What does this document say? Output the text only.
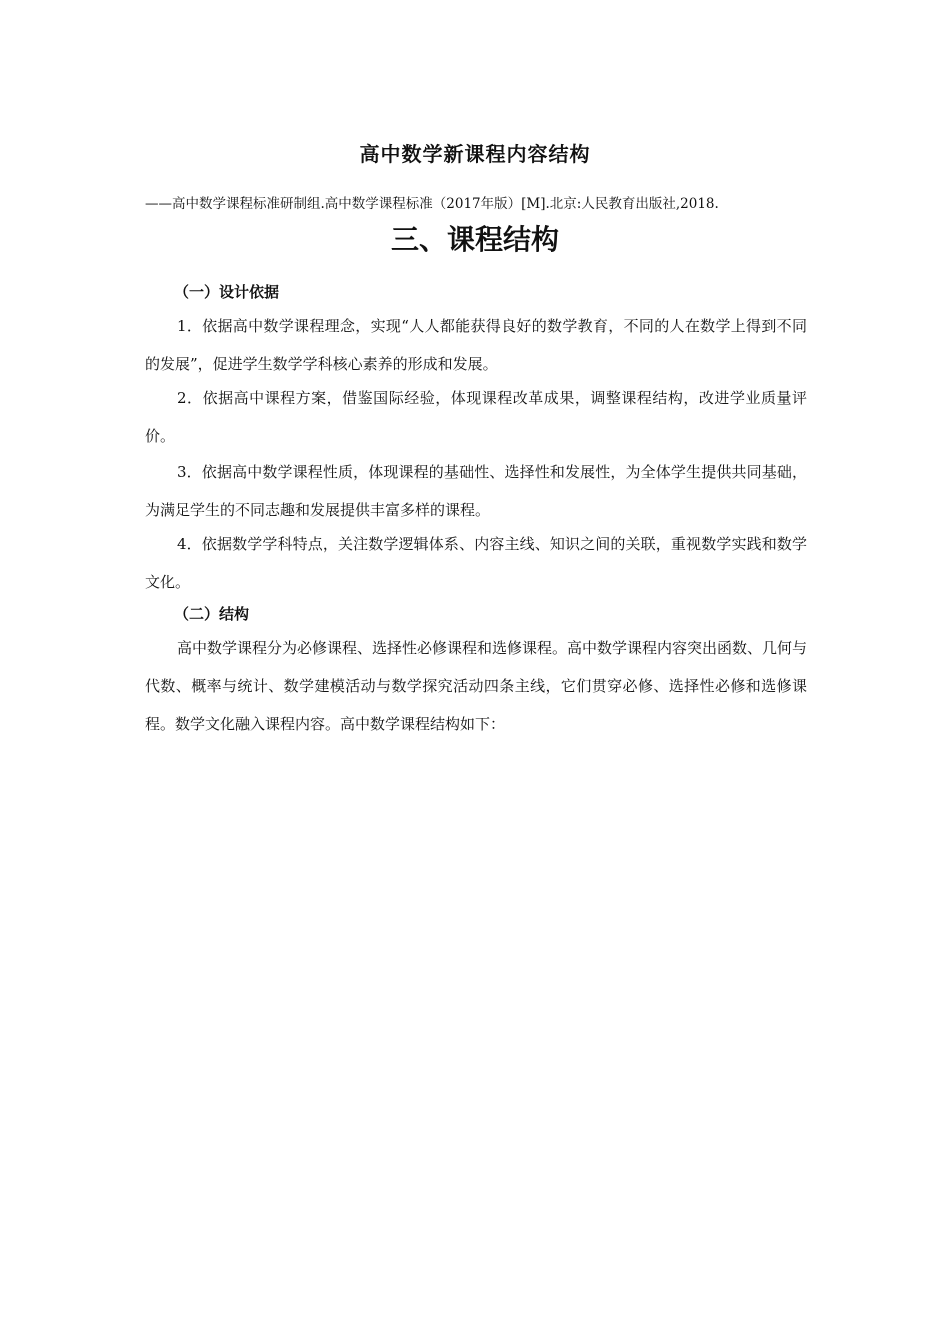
高中数学新课程内容结构

——高中数学课程标准研制组.高中数学课程标准（2017年版）[M].北京:人民教育出版社,2018.

三、课程结构

（一）设计依据

1．依据高中数学课程理念，实现“人人都能获得良好的数学教育，不同的人在数学上得到不同的发展”，促进学生数学学科核心素养的形成和发展。

2．依据高中课程方案，借鉴国际经验，体现课程改革成果，调整课程结构，改进学业质量评价。

3．依据高中数学课程性质，体现课程的基础性、选择性和发展性，为全体学生提供共同基础，为满足学生的不同志趣和发展提供丰富多样的课程。

4．依据数学学科特点，关注数学逻辑体系、内容主线、知识之间的关联，重视数学实践和数学文化。

（二）结构

高中数学课程分为必修课程、选择性必修课程和选修课程。高中数学课程内容突出函数、几何与代数、概率与统计、数学建模活动与数学探究活动四条主线，它们贯穿必修、选择性必修和选修课程。数学文化融入课程内容。高中数学课程结构如下：
